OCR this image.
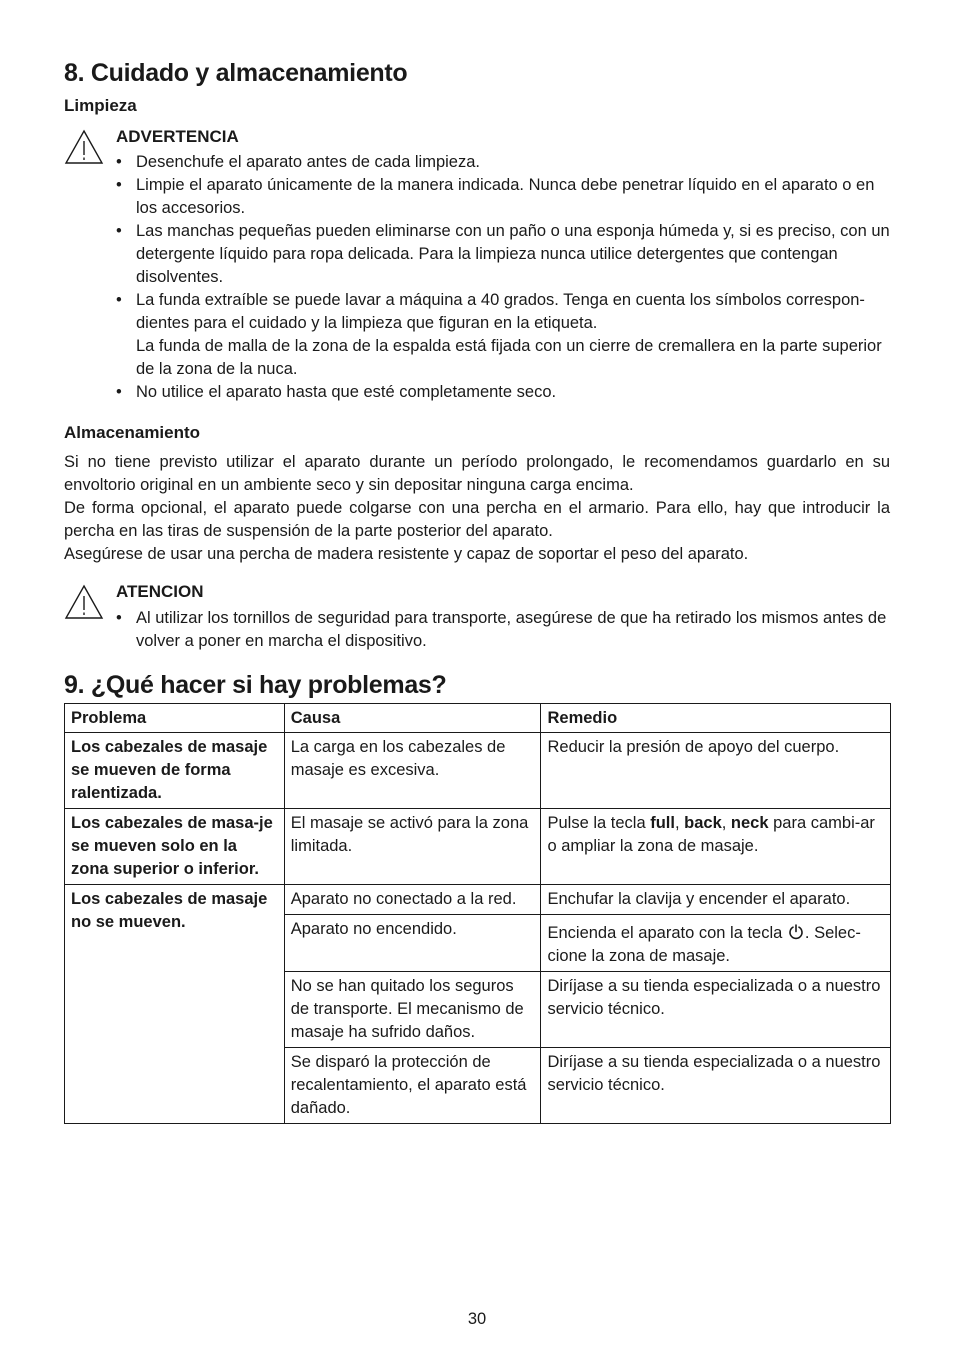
8. Cuidado y almacenamiento
Limpieza
ADVERTENCIA
• Desenchufe el aparato antes de cada limpieza.
• Limpie el aparato únicamente de la manera indicada. Nunca debe penetrar líquido en el aparato o en los accesorios.
• Las manchas pequeñas pueden eliminarse con un paño o una esponja húmeda y, si es preciso, con un detergente líquido para ropa delicada. Para la limpieza nunca utilice detergentes que contengan disolventes.
• La funda extraíble se puede lavar a máquina a 40 grados. Tenga en cuenta los símbolos correspon-dientes para el cuidado y la limpieza que figuran en la etiqueta.
La funda de malla de la zona de la espalda está fijada con un cierre de cremallera en la parte superior de la zona de la nuca.
• No utilice el aparato hasta que esté completamente seco.
Almacenamiento
Si no tiene previsto utilizar el aparato durante un período prolongado, le recomendamos guardarlo en su envoltorio original en un ambiente seco y sin depositar ninguna carga encima.
De forma opcional, el aparato puede colgarse con una percha en el armario. Para ello, hay que introducir la percha en las tiras de suspensión de la parte posterior del aparato.
Asegúrese de usar una percha de madera resistente y capaz de soportar el peso del aparato.
ATENCION
• Al utilizar los tornillos de seguridad para transporte, asegúrese de que ha retirado los mismos antes de volver a poner en marcha el dispositivo.
9. ¿Qué hacer si hay problemas?
Problema	Causa	Remedio
Los cabezales de masaje se mueven de forma ralentizada.	La carga en los cabezales de masaje es excesiva.	Reducir la presión de apoyo del cuerpo.
Los cabezales de masa-je se mueven solo en la zona superior o inferior.	El masaje se activó para la zona limitada.	Pulse la tecla full, back, neck para cambi-ar o ampliar la zona de masaje.
Los cabezales de masaje no se mueven.	Aparato no conectado a la red.	Enchufar la clavija y encender el aparato.
	Aparato no encendido.	Encienda el aparato con la tecla . Selec-cione la zona de masaje.
	No se han quitado los seguros de transporte. El mecanismo de masaje ha sufrido daños.	Diríjase a su tienda especializada o a nuestro servicio técnico.
	Se disparó la protección de recalentamiento, el aparato está dañado.	Diríjase a su tienda especializada o a nuestro servicio técnico.
30
